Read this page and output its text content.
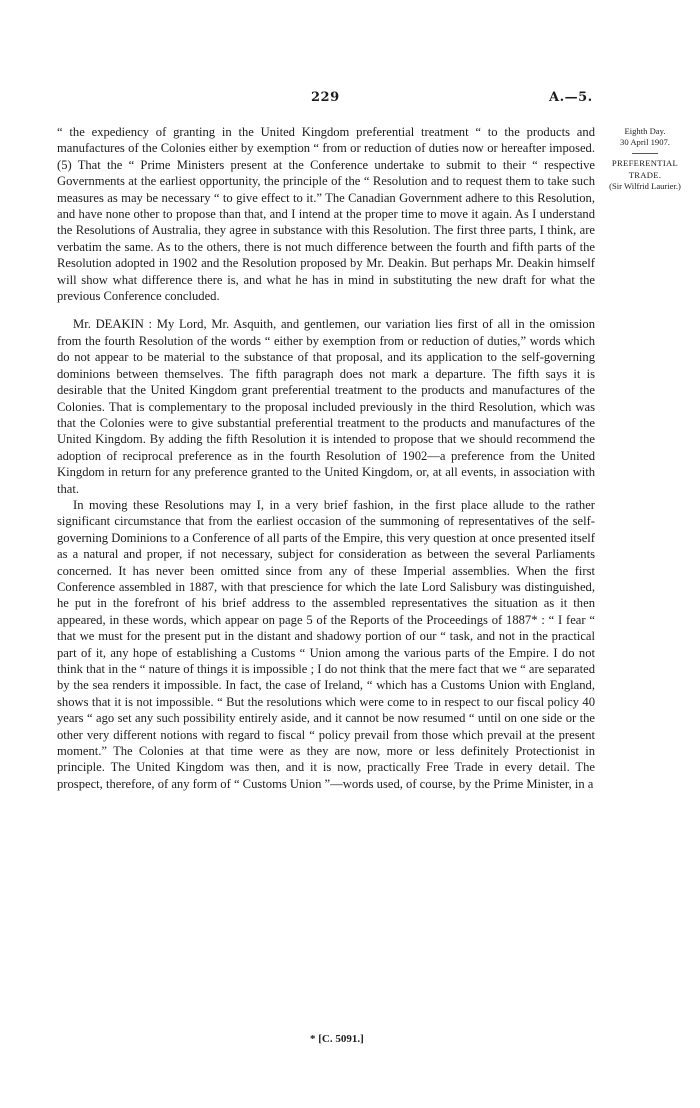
229	A.—5.
Eighth Day.
30 April 1907.
PREFERENTIAL TRADE.
(Sir Wilfrid Laurier.)

“ the expediency of granting in the United Kingdom preferential treatment “ to the products and manufactures of the Colonies either by exemption “ from or reduction of duties now or hereafter imposed. (5) That the “ Prime Ministers present at the Conference undertake to submit to their “ respective Governments at the earliest opportunity, the principle of the “ Resolution and to request them to take such measures as may be necessary “ to give effect to it.” The Canadian Government adhere to this Resolution, and have none other to propose than that, and I intend at the proper time to move it again. As I understand the Resolutions of Australia, they agree in substance with this Resolution. The first three parts, I think, are verbatim the same. As to the others, there is not much difference between the fourth and fifth parts of the Resolution adopted in 1902 and the Resolution proposed by Mr. Deakin. But perhaps Mr. Deakin himself will show what difference there is, and what he has in mind in substituting the new draft for what the previous Conference concluded.

Mr. DEAKIN : My Lord, Mr. Asquith, and gentlemen, our variation lies first of all in the omission from the fourth Resolution of the words “ either by exemption from or reduction of duties,” words which do not appear to be material to the substance of that proposal, and its application to the self-governing dominions between themselves. The fifth paragraph does not mark a departure. The fifth says it is desirable that the United Kingdom grant preferential treatment to the products and manufactures of the Colonies. That is complementary to the proposal included previously in the third Resolution, which was that the Colonies were to give substantial preferential treatment to the products and manufactures of the United Kingdom. By adding the fifth Resolution it is intended to propose that we should recommend the adoption of reciprocal preference as in the fourth Resolution of 1902—a preference from the United Kingdom in return for any preference granted to the United Kingdom, or, at all events, in association with that.

In moving these Resolutions may I, in a very brief fashion, in the first place allude to the rather significant circumstance that from the earliest occasion of the summoning of representatives of the self-governing Dominions to a Conference of all parts of the Empire, this very question at once presented itself as a natural and proper, if not necessary, subject for consideration as between the several Parliaments concerned. It has never been omitted since from any of these Imperial assemblies. When the first Conference assembled in 1887, with that prescience for which the late Lord Salisbury was distinguished, he put in the forefront of his brief address to the assembled representatives the situation as it then appeared, in these words, which appear on page 5 of the Reports of the Proceedings of 1887* : “ I fear “ that we must for the present put in the distant and shadowy portion of our “ task, and not in the practical part of it, any hope of establishing a Customs “ Union among the various parts of the Empire. I do not think that in the “ nature of things it is impossible ; I do not think that the mere fact that we “ are separated by the sea renders it impossible. In fact, the case of Ireland, “ which has a Customs Union with England, shows that it is not impossible. “ But the resolutions which were come to in respect to our fiscal policy 40 years “ ago set any such possibility entirely aside, and it cannot be now resumed “ until on one side or the other very different notions with regard to fiscal “ policy prevail from those which prevail at the present moment.” The Colonies at that time were as they are now, more or less definitely Protectionist in principle. The United Kingdom was then, and it is now, practically Free Trade in every detail. The prospect, therefore, of any form of “ Customs Union ”—words used, of course, by the Prime Minister, in a

* [C. 5091.]
